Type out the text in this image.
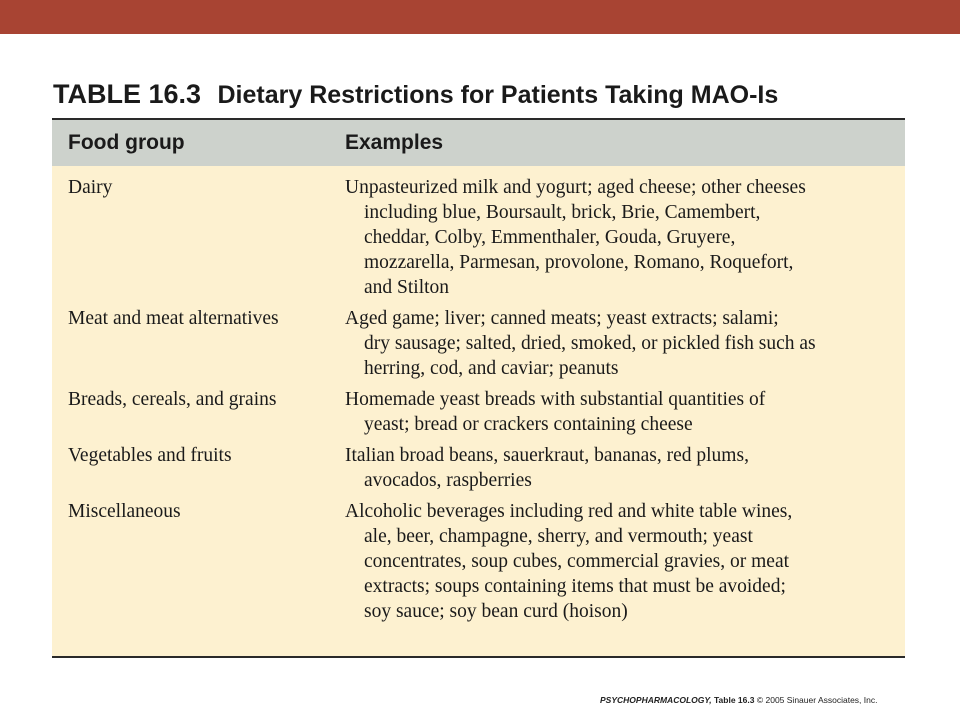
TABLE 16.3 Dietary Restrictions for Patients Taking MAO-Is
Food group	Examples
Dairy	Unpasteurized milk and yogurt; aged cheese; other cheeses
including blue, Boursault, brick, Brie, Camembert,
cheddar, Colby, Emmenthaler, Gouda, Gruyere,
mozzarella, Parmesan, provolone, Romano, Roquefort,
and Stilton
Meat and meat alternatives	Aged game; liver; canned meats; yeast extracts; salami;
dry sausage; salted, dried, smoked, or pickled fish such as
herring, cod, and caviar; peanuts
Breads, cereals, and grains	Homemade yeast breads with substantial quantities of
yeast; bread or crackers containing cheese
Vegetables and fruits	Italian broad beans, sauerkraut, bananas, red plums,
avocados, raspberries
Miscellaneous	Alcoholic beverages including red and white table wines,
ale, beer, champagne, sherry, and vermouth; yeast
concentrates, soup cubes, commercial gravies, or meat
extracts; soups containing items that must be avoided;
soy sauce; soy bean curd (hoison)
PSYCHOPHARMACOLOGY, Table 16.3 © 2005 Sinauer Associates, Inc.
